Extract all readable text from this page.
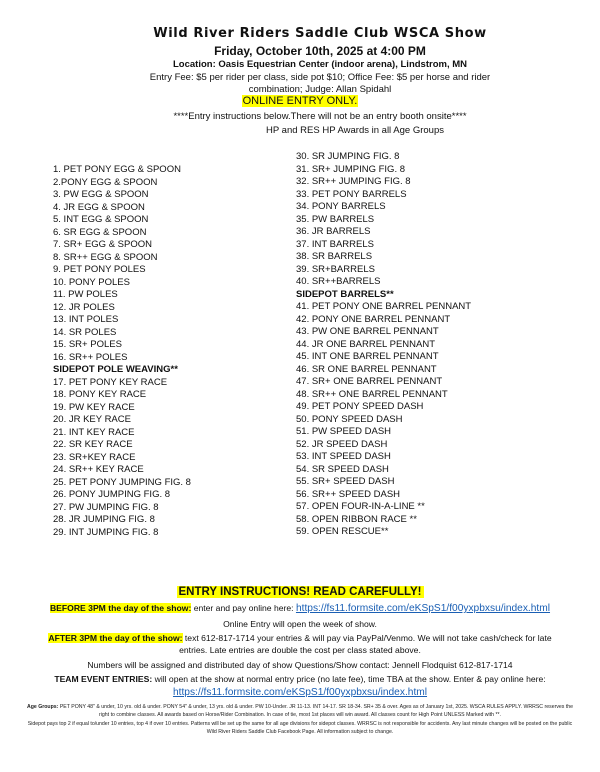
Wild River Riders Saddle Club WSCA Show
Friday, October 10th, 2025 at 4:00 PM
Location: Oasis Equestrian Center (indoor arena), Lindstrom, MN
Entry Fee: $5 per rider per class, side pot $10; Office Fee: $5 per horse and rider
combination; Judge: Allan Spidahl
ONLINE ENTRY ONLY.
****Entry instructions below.There will not be an entry booth onsite****
HP and RES HP Awards in all Age Groups
1. PET PONY EGG & SPOON
2.PONY EGG & SPOON
3. PW EGG & SPOON
4. JR EGG & SPOON
5. INT EGG & SPOON
6. SR EGG & SPOON
7. SR+ EGG & SPOON
8. SR++ EGG & SPOON
9. PET PONY POLES
10. PONY POLES
11. PW POLES
12. JR POLES
13. INT POLES
14. SR POLES
15. SR+ POLES
16. SR++ POLES
SIDEPOT POLE WEAVING**
17. PET PONY KEY RACE
18. PONY KEY RACE
19. PW KEY RACE
20. JR KEY RACE
21. INT KEY RACE
22. SR KEY RACE
23. SR+KEY RACE
24. SR++ KEY RACE
25. PET PONY JUMPING FIG. 8
26. PONY JUMPING FIG. 8
27. PW JUMPING FIG. 8
28. JR JUMPING FIG. 8
29. INT JUMPING FIG. 8
30. SR JUMPING FIG. 8
31. SR+ JUMPING FIG. 8
32. SR++ JUMPING FIG. 8
33. PET PONY BARRELS
34. PONY BARRELS
35. PW BARRELS
36. JR BARRELS
37. INT BARRELS
38. SR BARRELS
39. SR+BARRELS
40. SR++BARRELS
SIDEPOT BARRELS**
41. PET PONY ONE BARREL PENNANT
42. PONY ONE BARREL PENNANT
43. PW ONE BARREL PENNANT
44. JR ONE BARREL PENNANT
45. INT ONE BARREL PENNANT
46. SR ONE BARREL PENNANT
47. SR+ ONE BARREL PENNANT
48. SR++ ONE BARREL PENNANT
49. PET PONY SPEED DASH
50. PONY SPEED DASH
51. PW SPEED DASH
52. JR SPEED DASH
53. INT SPEED DASH
54. SR SPEED DASH
55. SR+ SPEED DASH
56. SR++ SPEED DASH
57. OPEN FOUR-IN-A-LINE **
58. OPEN RIBBON RACE **
59. OPEN RESCUE**
ENTRY INSTRUCTIONS! READ CAREFULLY!
BEFORE 3PM the day of the show: enter and pay online here: https://fs11.formsite.com/eKSpS1/f00yxpbxsu/index.html
Online Entry will open the week of show.
AFTER 3PM the day of the show: text 612-817-1714 your entries & will pay via PayPal/Venmo. We will not take cash/check for late
entries. Late entries are double the cost per class stated above.
Numbers will be assigned and distributed day of show Questions/Show contact: Jennell Flodquist 612-817-1714
TEAM EVENT ENTRIES: will open at the show at normal entry price (no late fee), time TBA at the show. Enter & pay online here:
https://fs11.formsite.com/eKSpS1/f00yxpbxsu/index.html
Age Groups: PET PONY 48" & under, 10 yrs. old & under. PONY 54" & under, 13 yrs. old & under. PW 10-Under. JR 11-13. INT 14-17. SR 18-34. SR+ 35 & over. Ages as of January 1st, 2025. WSCA RULES APPLY. WRRSC reserves the right to combine classes. All awards based on Horse/Rider Combination. In case of tie, most 1st places will win award. All classes count for High Point UNLESS Marked with **.
Sidepot pays top 2 if equal to/under 10 entries, top 4 if over 10 entries. Patterns will be set up the same for all age divisions for sidepot classes. WRRSC is not responsible for accidents. Any last minute changes will be posted on the public Wild River Riders Saddle Club Facebook Page. All information subject to change.
